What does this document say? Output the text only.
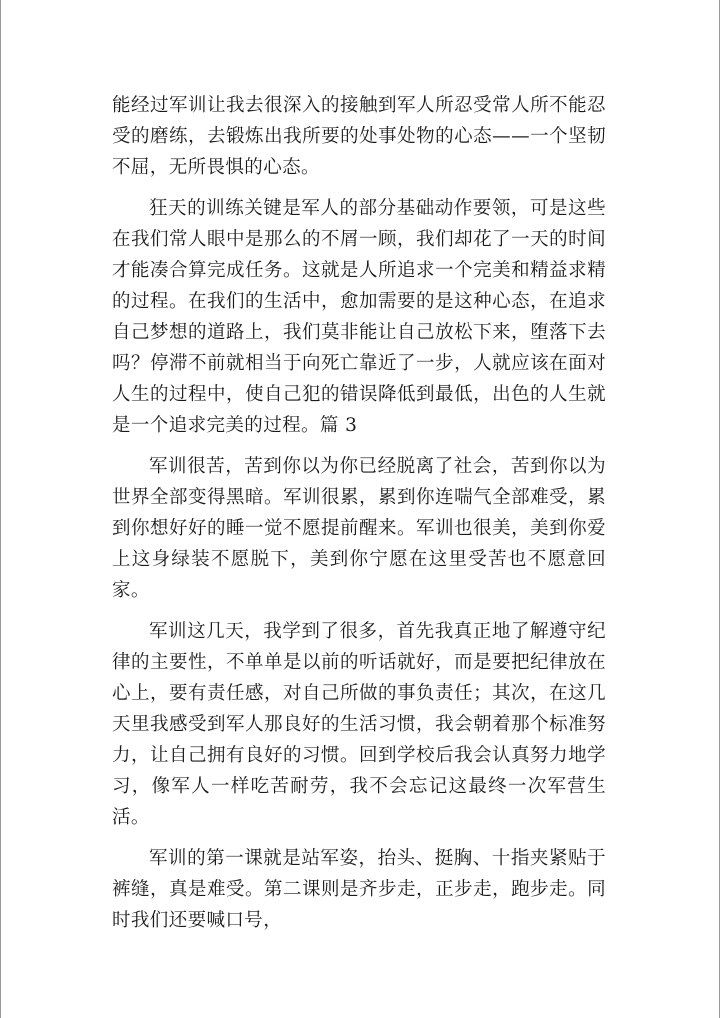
能经过军训让我去很深入的接触到军人所忍受常人所不能忍受的磨练，去锻炼出我所要的处事处物的心态——一个坚韧不屈，无所畏惧的心态。

狂天的训练关键是军人的部分基础动作要领，可是这些在我们常人眼中是那么的不屑一顾，我们却花了一天的时间才能凑合算完成任务。这就是人所追求一个完美和精益求精的过程。在我们的生活中，愈加需要的是这种心态，在追求自己梦想的道路上，我们莫非能让自己放松下来，堕落下去吗？停滞不前就相当于向死亡靠近了一步，人就应该在面对人生的过程中，使自己犯的错误降低到最低，出色的人生就是一个追求完美的过程。篇 3

军训很苦，苦到你以为你已经脱离了社会，苦到你以为世界全部变得黑暗。军训很累，累到你连喘气全部难受，累到你想好好的睡一觉不愿提前醒来。军训也很美，美到你爱上这身绿装不愿脱下，美到你宁愿在这里受苦也不愿意回家。

军训这几天，我学到了很多，首先我真正地了解遵守纪律的主要性，不单单是以前的听话就好，而是要把纪律放在心上，要有责任感，对自己所做的事负责任；其次，在这几天里我感受到军人那良好的生活习惯，我会朝着那个标准努力，让自己拥有良好的习惯。回到学校后我会认真努力地学习，像军人一样吃苦耐劳，我不会忘记这最终一次军营生活。

军训的第一课就是站军姿，抬头、挺胸、十指夹紧贴于裤缝，真是难受。第二课则是齐步走，正步走，跑步走。同时我们还要喊口号，
